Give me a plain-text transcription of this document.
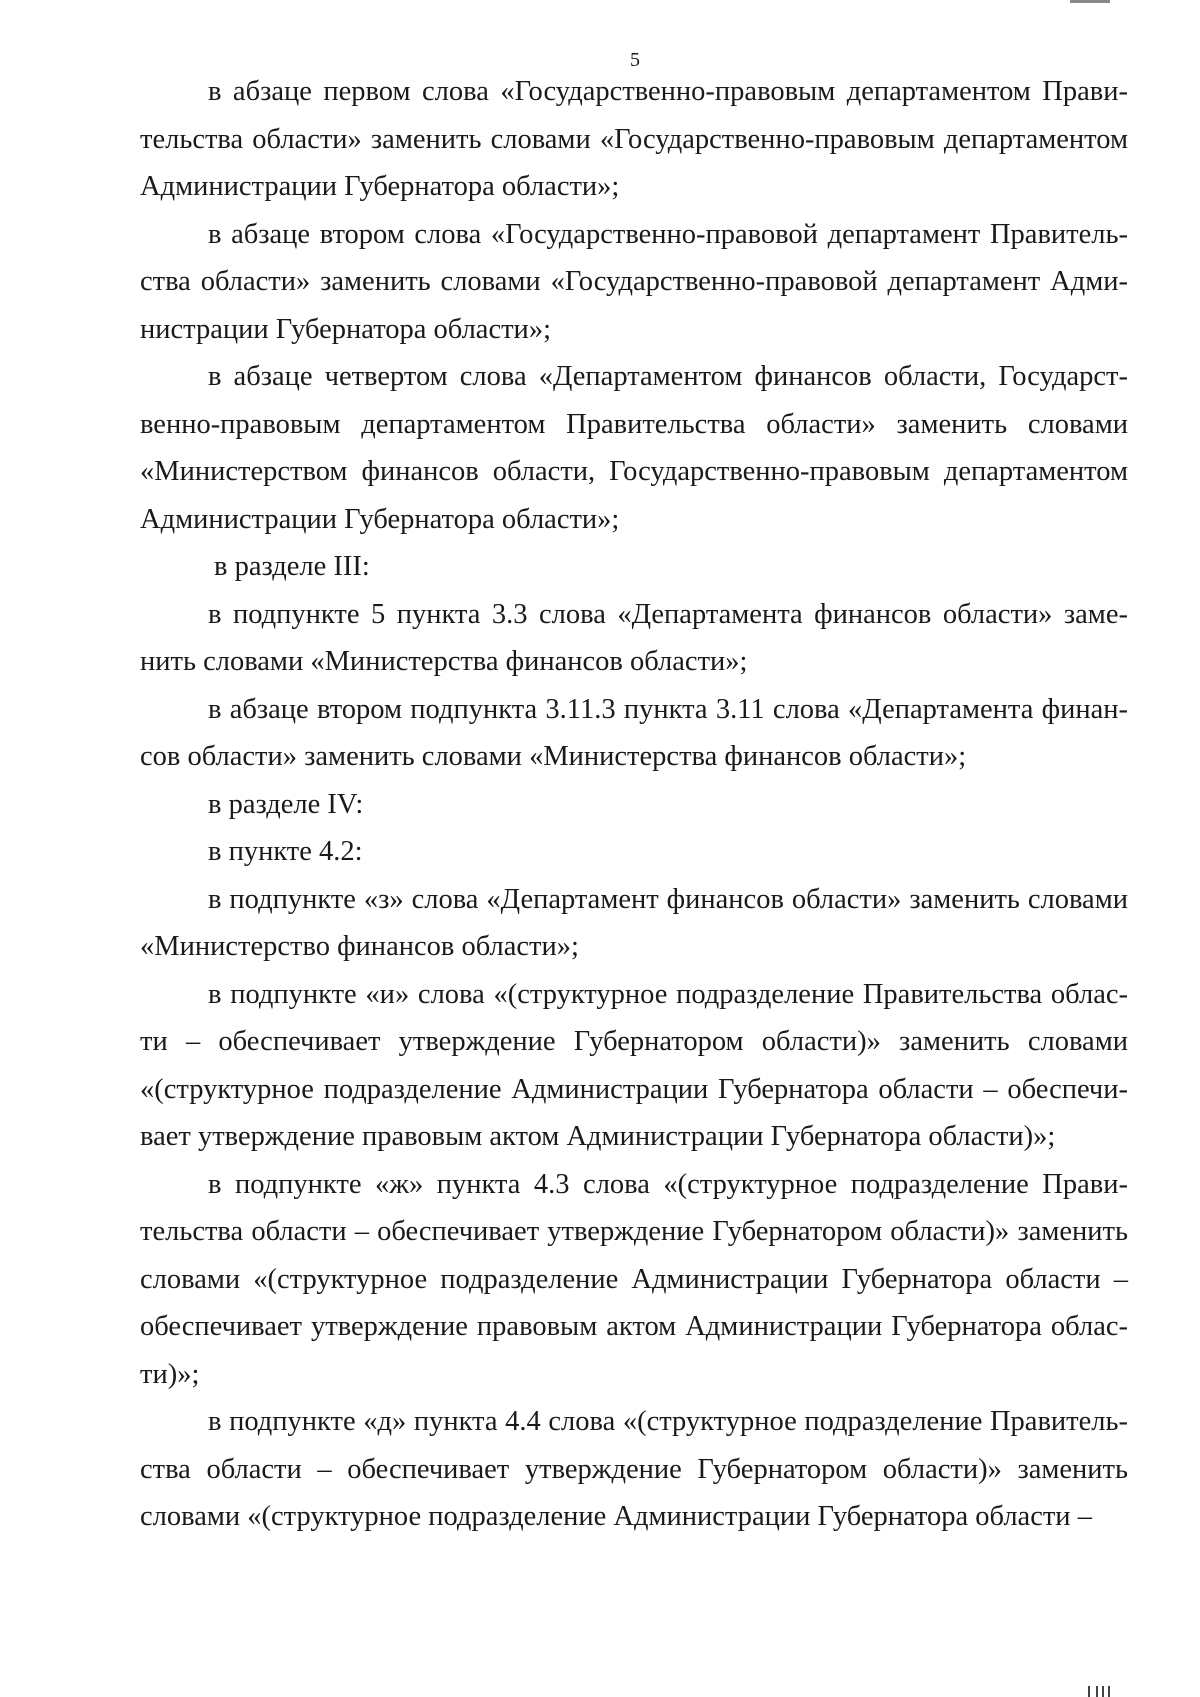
5

в абзаце первом слова «Государственно-правовым департаментом Правительства области» заменить словами «Государственно-правовым департаментом Администрации Губернатора области»;

в абзаце втором слова «Государственно-правовой департамент Правительства области» заменить словами «Государственно-правовой департамент Администрации Губернатора области»;

в абзаце четвертом слова «Департаментом финансов области, Государственно-правовым департаментом Правительства области» заменить словами «Министерством финансов области, Государственно-правовым департаментом Администрации Губернатора области»;

в разделе III:

в подпункте 5 пункта 3.3 слова «Департамента финансов области» заменить словами «Министерства финансов области»;

в абзаце втором подпункта 3.11.3 пункта 3.11 слова «Департамента финансов области» заменить словами «Министерства финансов области»;

в разделе IV:

в пункте 4.2:

в подпункте «з» слова «Департамент финансов области» заменить словами «Министерство финансов области»;

в подпункте «и» слова «(структурное подразделение Правительства области – обеспечивает утверждение Губернатором области)» заменить словами «(структурное подразделение Администрации Губернатора области – обеспечивает утверждение правовым актом Администрации Губернатора области)»;

в подпункте «ж» пункта 4.3 слова «(структурное подразделение Правительства области – обеспечивает утверждение Губернатором области)» заменить словами «(структурное подразделение Администрации Губернатора области – обеспечивает утверждение правовым актом Администрации Губернатора области)»;

в подпункте «д» пункта 4.4 слова «(структурное подразделение Правительства области – обеспечивает утверждение Губернатором области)» заменить словами «(структурное подразделение Администрации Губернатора области –
